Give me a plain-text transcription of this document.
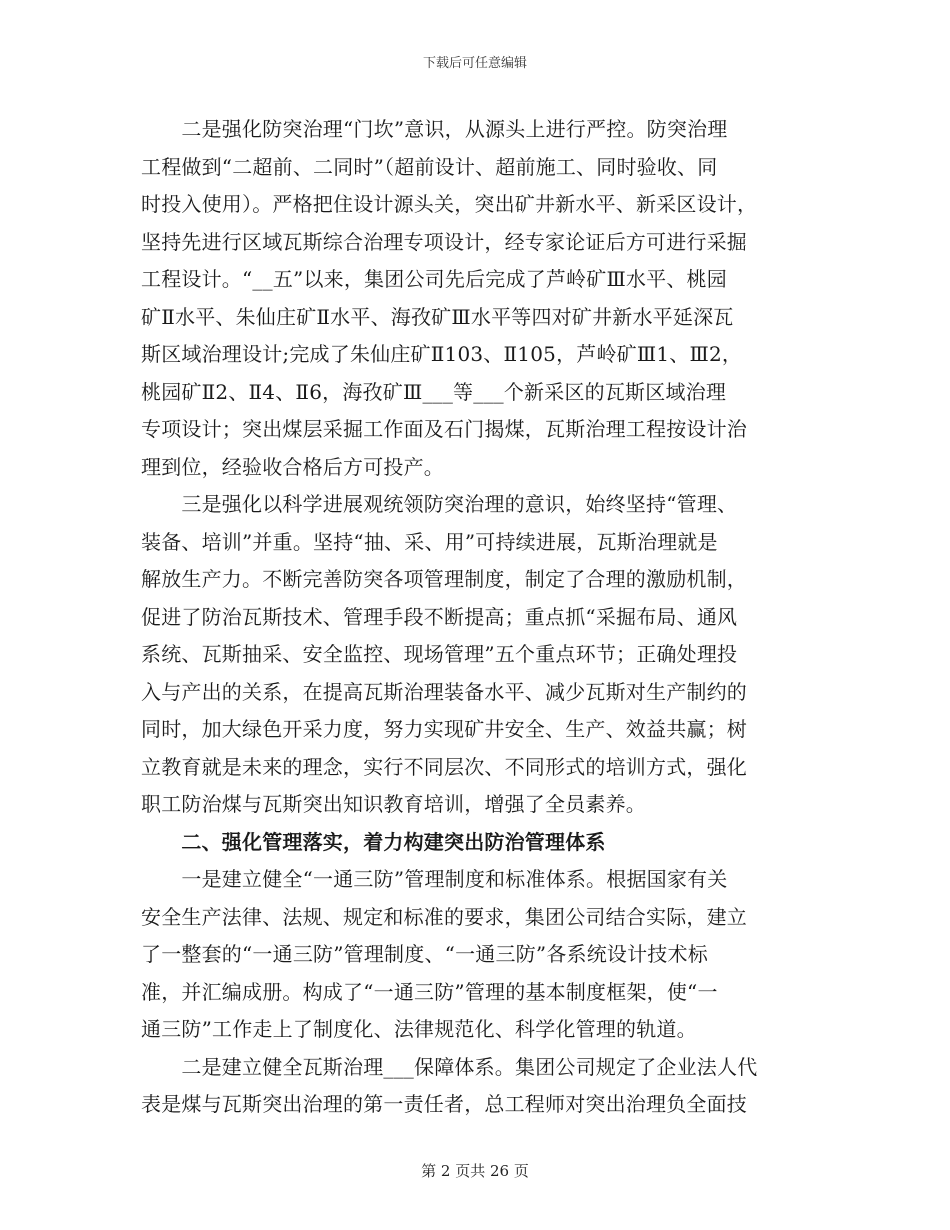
下载后可任意编辑
　　二是强化防突治理“门坎”意识，从源头上进行严控。防突治理
工程做到“二超前、二同时”（超前设计、超前施工、同时验收、同
时投入使用）。严格把住设计源头关，突出矿井新水平、新采区设计，
坚持先进行区域瓦斯综合治理专项设计，经专家论证后方可进行采掘
工程设计。“__五”以来，集团公司先后完成了芦岭矿Ⅲ水平、桃园
矿Ⅱ水平、朱仙庄矿Ⅱ水平、海孜矿Ⅲ水平等四对矿井新水平延深瓦
斯区域治理设计;完成了朱仙庄矿Ⅱ103、Ⅱ105，芦岭矿Ⅲ1、Ⅲ2，
桃园矿Ⅱ2、Ⅱ4、Ⅱ6，海孜矿Ⅲ___等___个新采区的瓦斯区域治理
专项设计；突出煤层采掘工作面及石门揭煤，瓦斯治理工程按设计治
理到位，经验收合格后方可投产。
　　三是强化以科学进展观统领防突治理的意识，始终坚持“管理、
装备、培训”并重。坚持“抽、采、用”可持续进展，瓦斯治理就是
解放生产力。不断完善防突各项管理制度，制定了合理的激励机制，
促进了防治瓦斯技术、管理手段不断提高；重点抓“采掘布局、通风
系统、瓦斯抽采、安全监控、现场管理”五个重点环节；正确处理投
入与产出的关系，在提高瓦斯治理装备水平、减少瓦斯对生产制约的
同时，加大绿色开采力度，努力实现矿井安全、生产、效益共赢；树
立教育就是未来的理念，实行不同层次、不同形式的培训方式，强化
职工防治煤与瓦斯突出知识教育培训，增强了全员素养。
　　二、强化管理落实，着力构建突出防治管理体系
　　一是建立健全“一通三防”管理制度和标准体系。根据国家有关
安全生产法律、法规、规定和标准的要求，集团公司结合实际，建立
了一整套的“一通三防”管理制度、“一通三防”各系统设计技术标
准，并汇编成册。构成了“一通三防”管理的基本制度框架，使“一
通三防”工作走上了制度化、法律规范化、科学化管理的轨道。
　　二是建立健全瓦斯治理___保障体系。集团公司规定了企业法人代
表是煤与瓦斯突出治理的第一责任者，总工程师对突出治理负全面技
第 2 页共 26 页
